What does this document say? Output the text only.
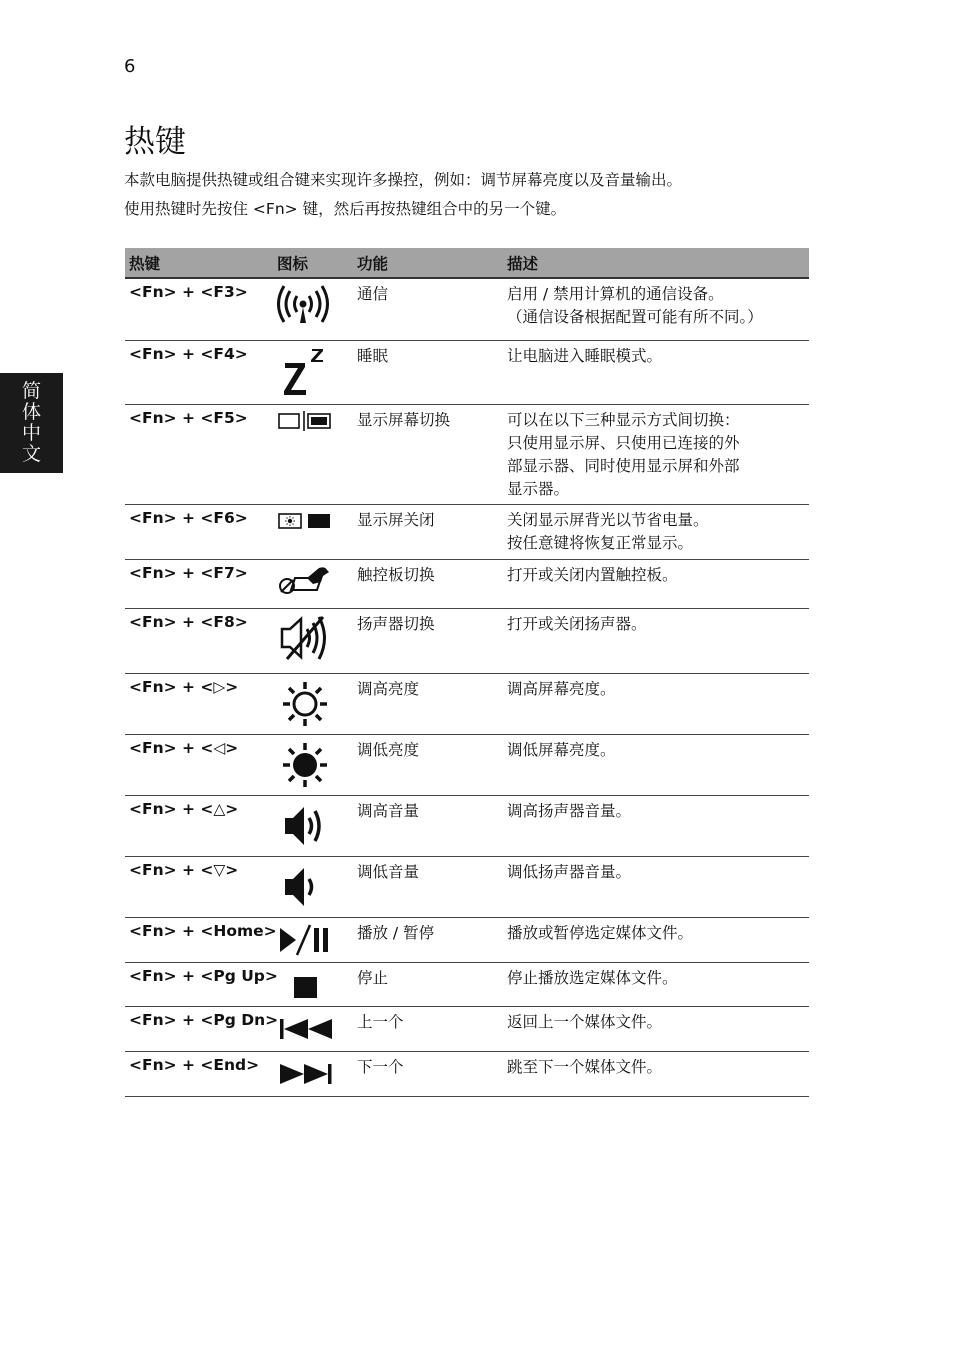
6
简
体
中
文
热键

本款电脑提供热键或组合键来实现许多操控，例如：调节屏幕亮度以及音量输出。

使用热键时先按住 <Fn> 键，然后再按热键组合中的另一个键。

热键	图标	功能	描述
<Fn> + <F3>		通信	启用 / 禁用计算机的通信设备。

（通信设备根据配置可能有所不同。）

<Fn> + <F4>		睡眠	让电脑进入睡眠模式。

<Fn> + <F5>		显示屏幕切换	可以在以下三种显示方式间切换：

只使用显示屏、只使用已连接的外

部显示器、同时使用显示屏和外部

显示器。

<Fn> + <F6>		显示屏关闭	关闭显示屏背光以节省电量。

按任意键将恢复正常显示。

<Fn> + <F7>		触控板切换	打开或关闭内置触控板。

<Fn> + <F8>		扬声器切换	打开或关闭扬声器。

<Fn> + <▷>		调高亮度	调高屏幕亮度。

<Fn> + <◁>		调低亮度	调低屏幕亮度。

<Fn> + <△>		调高音量	调高扬声器音量。

<Fn> + <▽>		调低音量	调低扬声器音量。

<Fn> + <Home>		播放 / 暂停	播放或暂停选定媒体文件。

<Fn> + <Pg Up>		停止	停止播放选定媒体文件。

<Fn> + <Pg Dn>		上一个	返回上一个媒体文件。

<Fn> + <End>		下一个	跳至下一个媒体文件。
